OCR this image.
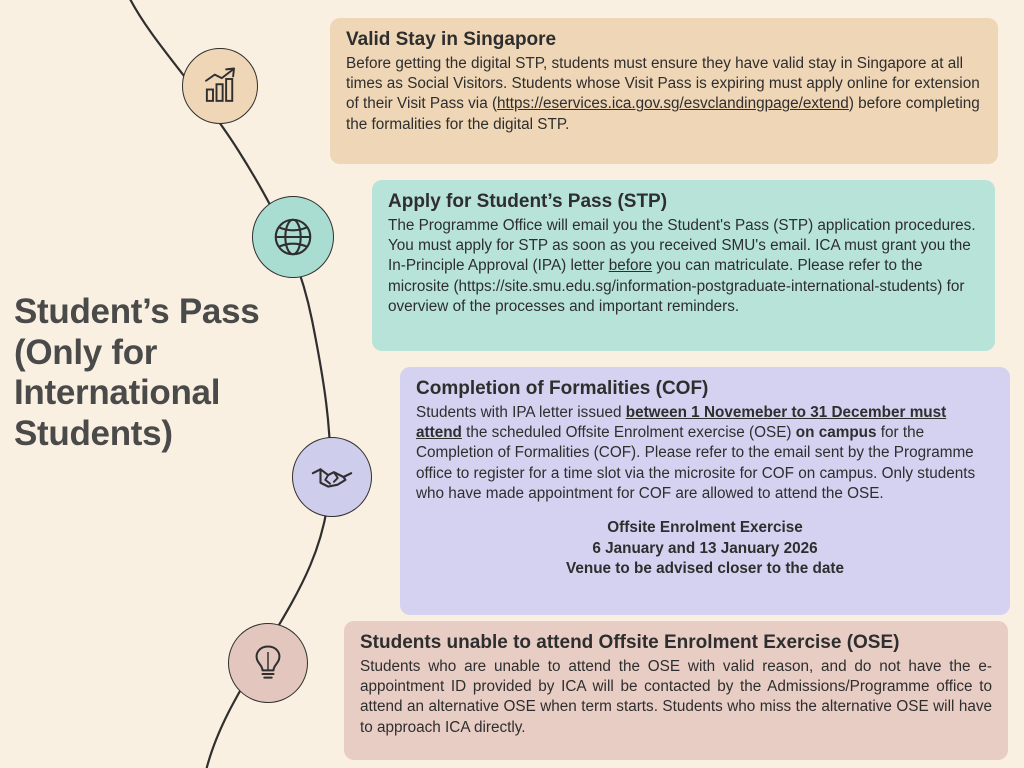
Student’s Pass (Only for International Students)
Valid Stay in Singapore

Before getting the digital STP, students must ensure they have valid stay in Singapore at all times as Social Visitors. Students whose Visit Pass is expiring must apply online for extension of their Visit Pass via (https://eservices.ica.gov.sg/esvclandingpage/extend) before completing the formalities for the digital STP.

Apply for Student’s Pass (STP)

The Programme Office will email you the Student's Pass (STP) application procedures. You must apply for STP as soon as you received SMU's email. ICA must grant you the In-Principle Approval (IPA) letter before you can matriculate. Please refer to the microsite (https://site.smu.edu.sg/information-postgraduate-international-students) for overview of the processes and important reminders.

Completion of Formalities (COF)

Students with IPA letter issued between 1 Novemeber to 31 December must attend the scheduled Offsite Enrolment exercise (OSE) on campus for the Completion of Formalities (COF). Please refer to the email sent by the Programme office to register for a time slot via the microsite for COF on campus. Only students who have made appointment for COF are allowed to attend the OSE.

Offsite Enrolment Exercise
6 January and 13 January 2026
Venue to be advised closer to the date

Students unable to attend Offsite Enrolment Exercise (OSE)

Students who are unable to attend the OSE with valid reason, and do not have the e-appointment ID provided by ICA will be contacted by the Admissions/Programme office to attend an alternative OSE when term starts. Students who miss the alternative OSE will have to approach ICA directly.
